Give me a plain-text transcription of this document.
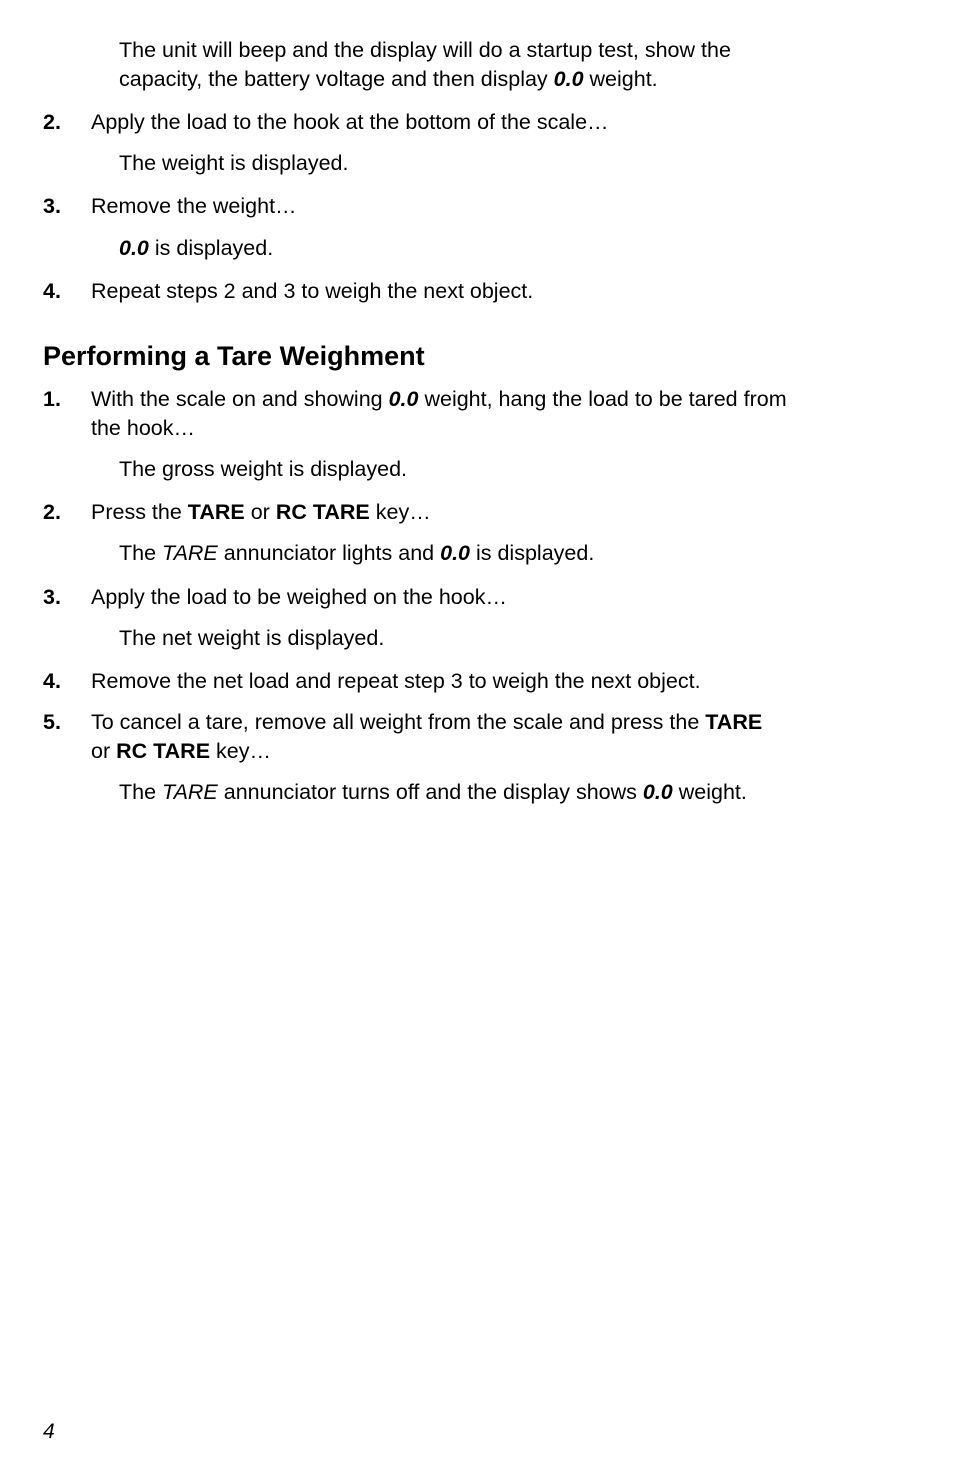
The unit will beep and the display will do a startup test, show the
capacity, the battery voltage and then display 0.0 weight.
2. Apply the load to the hook at the bottom of the scale…
The weight is displayed.
3. Remove the weight…
0.0 is displayed.
4. Repeat steps 2 and 3 to weigh the next object.
Performing a Tare Weighment
1. With the scale on and showing 0.0 weight, hang the load to be tared from
the hook…
The gross weight is displayed.
2. Press the TARE or RC TARE key…
The TARE annunciator lights and 0.0 is displayed.
3. Apply the load to be weighed on the hook…
The net weight is displayed.
4. Remove the net load and repeat step 3 to weigh the next object.
5. To cancel a tare, remove all weight from the scale and press the TARE
or RC TARE key…
The TARE annunciator turns off and the display shows 0.0 weight.
4
